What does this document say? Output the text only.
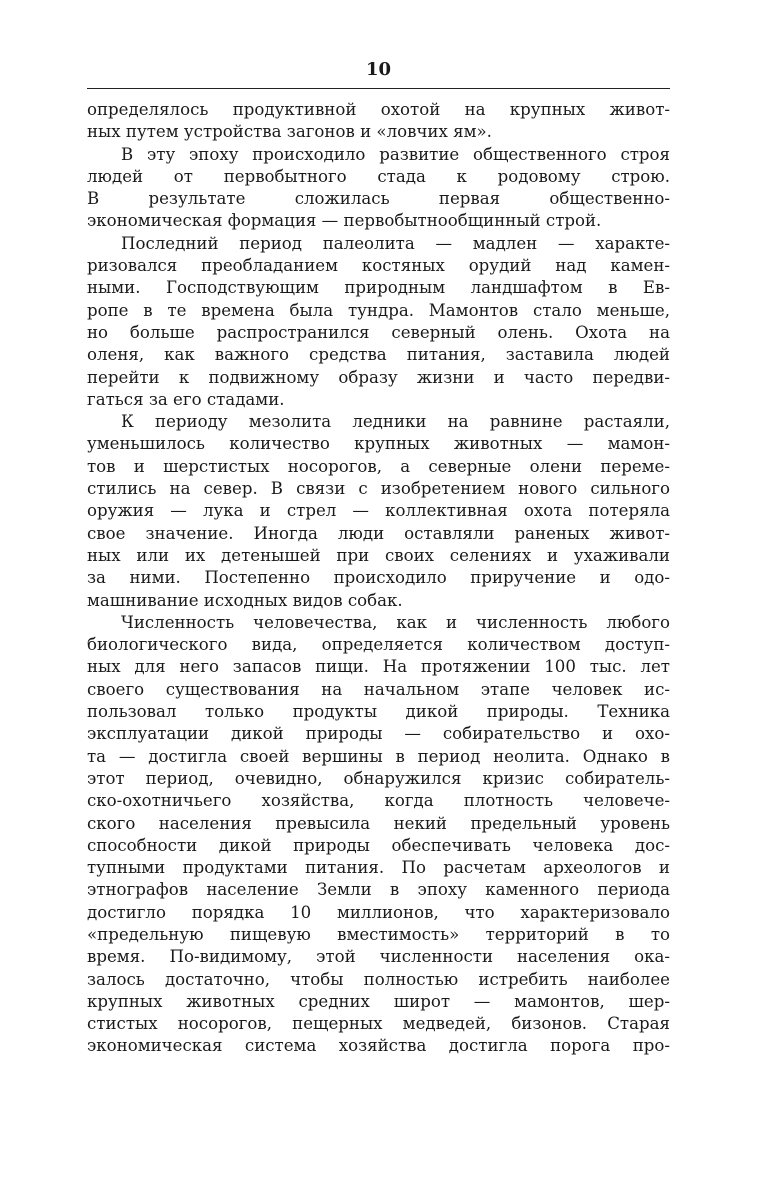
10
определялось продуктивной охотой на крупных живот-
ных путем устройства загонов и «ловчих ям».
В эту эпоху происходило развитие общественного строя
людей от первобытного стада к родовому строю.
В результате сложилась первая общественно-
экономическая формация — первобытнообщинный строй.
Последний период палеолита — мадлен — характе-
ризовался преобладанием костяных орудий над камен-
ными. Господствующим природным ландшафтом в Ев-
ропе в те времена была тундра. Мамонтов стало меньше,
но больше распространился северный олень. Охота на
оленя, как важного средства питания, заставила людей
перейти к подвижному образу жизни и часто передви-
гаться за его стадами.
К периоду мезолита ледники на равнине растаяли,
уменьшилось количество крупных животных — мамон-
тов и шерстистых носорогов, а северные олени переме-
стились на север. В связи с изобретением нового сильного
оружия — лука и стрел — коллективная охота потеряла
свое значение. Иногда люди оставляли раненых живот-
ных или их детенышей при своих селениях и ухаживали
за ними. Постепенно происходило приручение и одо-
машнивание исходных видов собак.
Численность человечества, как и численность любого
биологического вида, определяется количеством доступ-
ных для него запасов пищи. На протяжении 100 тыс. лет
своего существования на начальном этапе человек ис-
пользовал только продукты дикой природы. Техника
эксплуатации дикой природы — собирательство и охо-
та — достигла своей вершины в период неолита. Однако в
этот период, очевидно, обнаружился кризис собиратель-
ско-охотничьего хозяйства, когда плотность человече-
ского населения превысила некий предельный уровень
способности дикой природы обеспечивать человека дос-
тупными продуктами питания. По расчетам археологов и
этнографов население Земли в эпоху каменного периода
достигло порядка 10 миллионов, что характеризовало
«предельную пищевую вместимость» территорий в то
время. По-видимому, этой численности населения ока-
залось достаточно, чтобы полностью истребить наиболее
крупных животных средних широт — мамонтов, шер-
стистых носорогов, пещерных медведей, бизонов. Старая
экономическая система хозяйства достигла порога про-
